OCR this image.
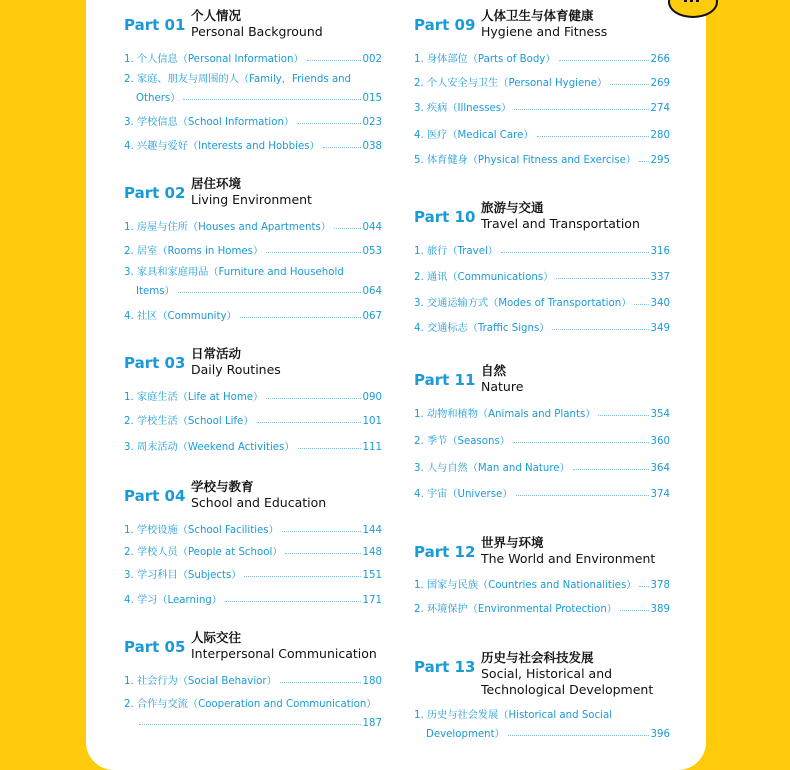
Part 01
个人情况
Personal Background
1. 个人信息（Personal Information）	002
2. 家庭、朋友与周围的人（Family，Friends and
Others）	015
3. 学校信息（School Information）	023
4. 兴趣与爱好（Interests and Hobbies）	038
Part 02
居住环境
Living Environment
1. 房屋与住所（Houses and Apartments）	044
2. 居室（Rooms in Homes）	053
3. 家具和家庭用品（Furniture and Household
Items）	064
4. 社区（Community）	067
Part 03
日常活动
Daily Routines
1. 家庭生活（Life at Home）	090
2. 学校生活（School Life）	101
3. 周末活动（Weekend Activities）	111
Part 04
学校与教育
School and Education
1. 学校设施（School Facilities）	144
2. 学校人员（People at School）	148
3. 学习科目（Subjects）	151
4. 学习（Learning）	171
Part 05
人际交往
Interpersonal Communication
1. 社会行为（Social Behavior）	180
2. 合作与交流（Cooperation and Communication）
187
Part 09
人体卫生与体育健康
Hygiene and Fitness
1. 身体部位（Parts of Body）	266
2. 个人安全与卫生（Personal Hygiene）	269
3. 疾病（Illnesses）	274
4. 医疗（Medical Care）	280
5. 体育健身（Physical Fitness and Exercise） 295
Part 10
旅游与交通
Travel and Transportation
1. 旅行（Travel）	316
2. 通讯（Communications）	337
3. 交通运输方式（Modes of Transportation） 340
4. 交通标志（Traffic Signs）	349
Part 11
自然
Nature
1. 动物和植物（Animals and Plants）	354
2. 季节（Seasons）	360
3. 人与自然（Man and Nature）	364
4. 宇宙（Universe）	374
Part 12
世界与环境
The World and Environment
1. 国家与民族（Countries and Nationalities） 378
2. 环境保护（Environmental Protection）	389
Part 13
历史与社会科技发展
Social, Historical and
Technological Development
1. 历史与社会发展（Historical and Social
Development）	396
